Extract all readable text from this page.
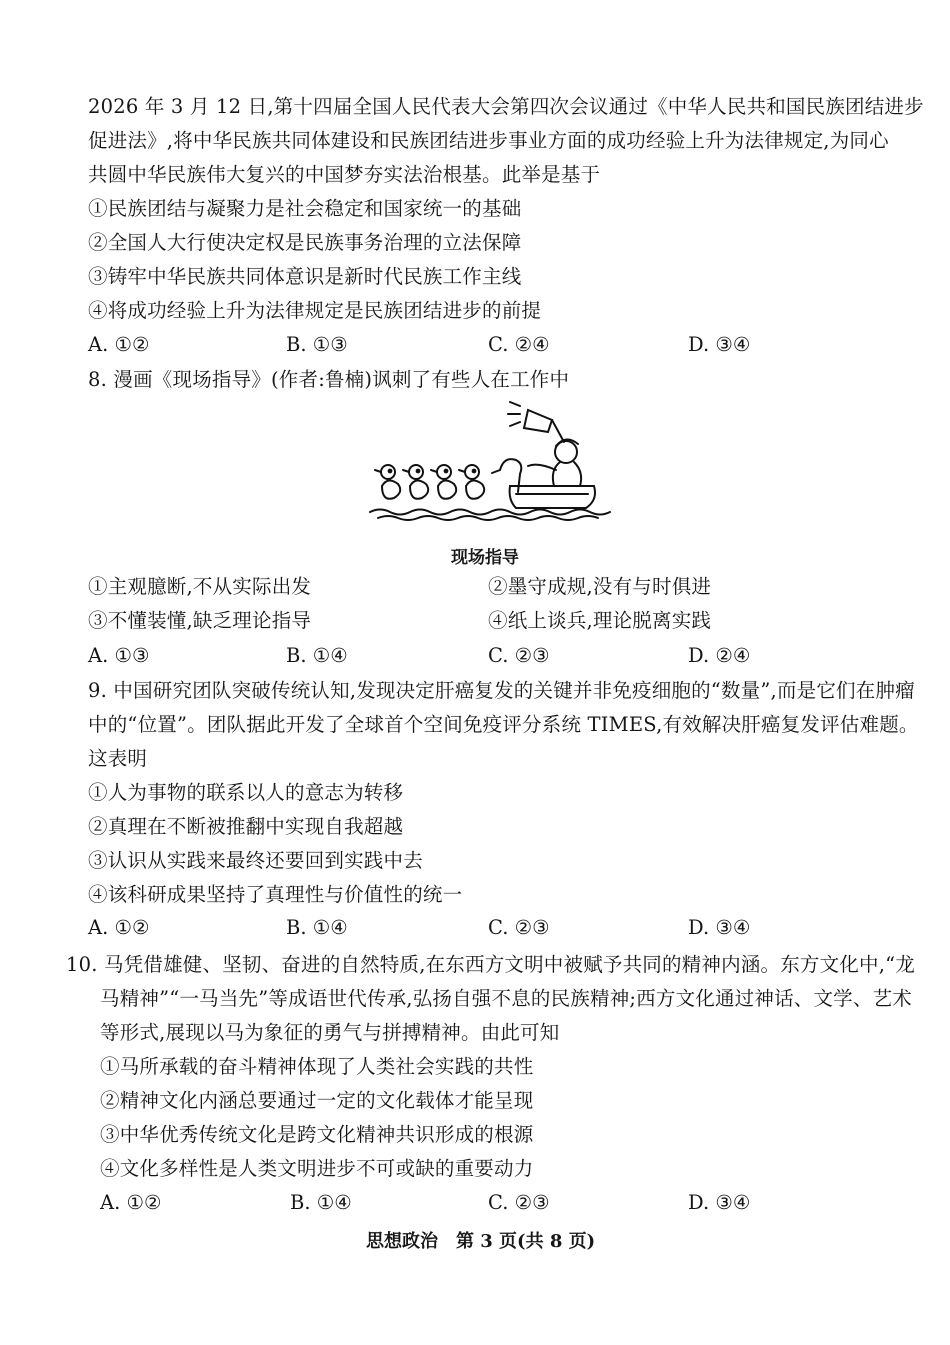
2026 年 3 月 12 日,第十四届全国人民代表大会第四次会议通过《中华人民共和国民族团结进步
促进法》,将中华民族共同体建设和民族团结进步事业方面的成功经验上升为法律规定,为同心
共圆中华民族伟大复兴的中国梦夯实法治根基。此举是基于
①民族团结与凝聚力是社会稳定和国家统一的基础
②全国人大行使决定权是民族事务治理的立法保障
③铸牢中华民族共同体意识是新时代民族工作主线
④将成功经验上升为法律规定是民族团结进步的前提
A. ①②	B. ①③	C. ②④	D. ③④
8. 漫画《现场指导》(作者:鲁楠)讽刺了有些人在工作中
现场指导
①主观臆断,不从实际出发	②墨守成规,没有与时俱进
③不懂装懂,缺乏理论指导	④纸上谈兵,理论脱离实践
A. ①③	B. ①④	C. ②③	D. ②④
9. 中国研究团队突破传统认知,发现决定肝癌复发的关键并非免疫细胞的“数量”,而是它们在肿瘤
中的“位置”。团队据此开发了全球首个空间免疫评分系统 TIMES,有效解决肝癌复发评估难题。
这表明
①人为事物的联系以人的意志为转移
②真理在不断被推翻中实现自我超越
③认识从实践来最终还要回到实践中去
④该科研成果坚持了真理性与价值性的统一
A. ①②	B. ①④	C. ②③	D. ③④
10. 马凭借雄健、坚韧、奋进的自然特质,在东西方文明中被赋予共同的精神内涵。东方文化中,“龙
马精神”“一马当先”等成语世代传承,弘扬自强不息的民族精神;西方文化通过神话、文学、艺术
等形式,展现以马为象征的勇气与拼搏精神。由此可知
①马所承载的奋斗精神体现了人类社会实践的共性
②精神文化内涵总要通过一定的文化载体才能呈现
③中华优秀传统文化是跨文化精神共识形成的根源
④文化多样性是人类文明进步不可或缺的重要动力
A. ①②	B. ①④	C. ②③	D. ③④
思想政治　第 3 页(共 8 页)
